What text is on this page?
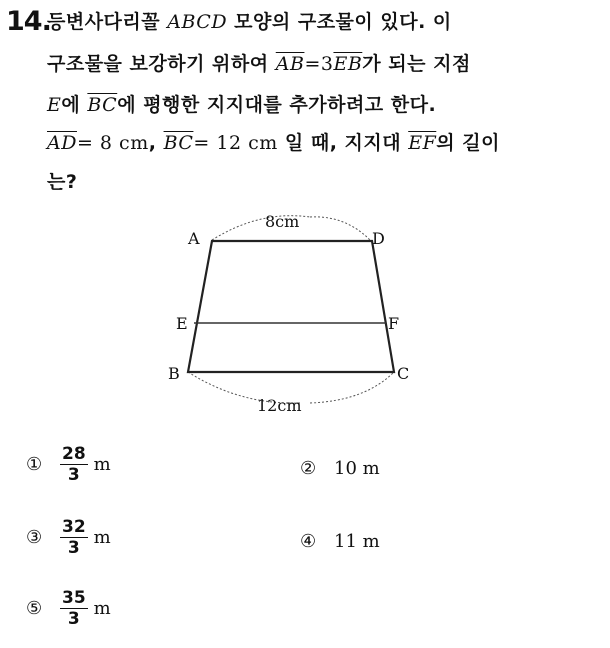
14.
등변사다리꼴 ABCD 모양의 구조물이 있다. 이
구조물을 보강하기 위하여 $\overline{AB}=3\overline{EB}$가 되는 지점
E에 $\overline{BC}$에 평행한 지지대를 추가하려고 한다.
$\overline{AD}= 8$ cm, $\overline{BC}= 12$ cm 일 때, 지지대 $\overline{EF}$의 길이
는?
A	D
E	F
B	C
8cm
12cm
①	$\frac{28}{3}$ m	② 10
m
③	$\frac{32}{3}$ m	④ 11
m
⑤	$\frac{35}{3}$ m
